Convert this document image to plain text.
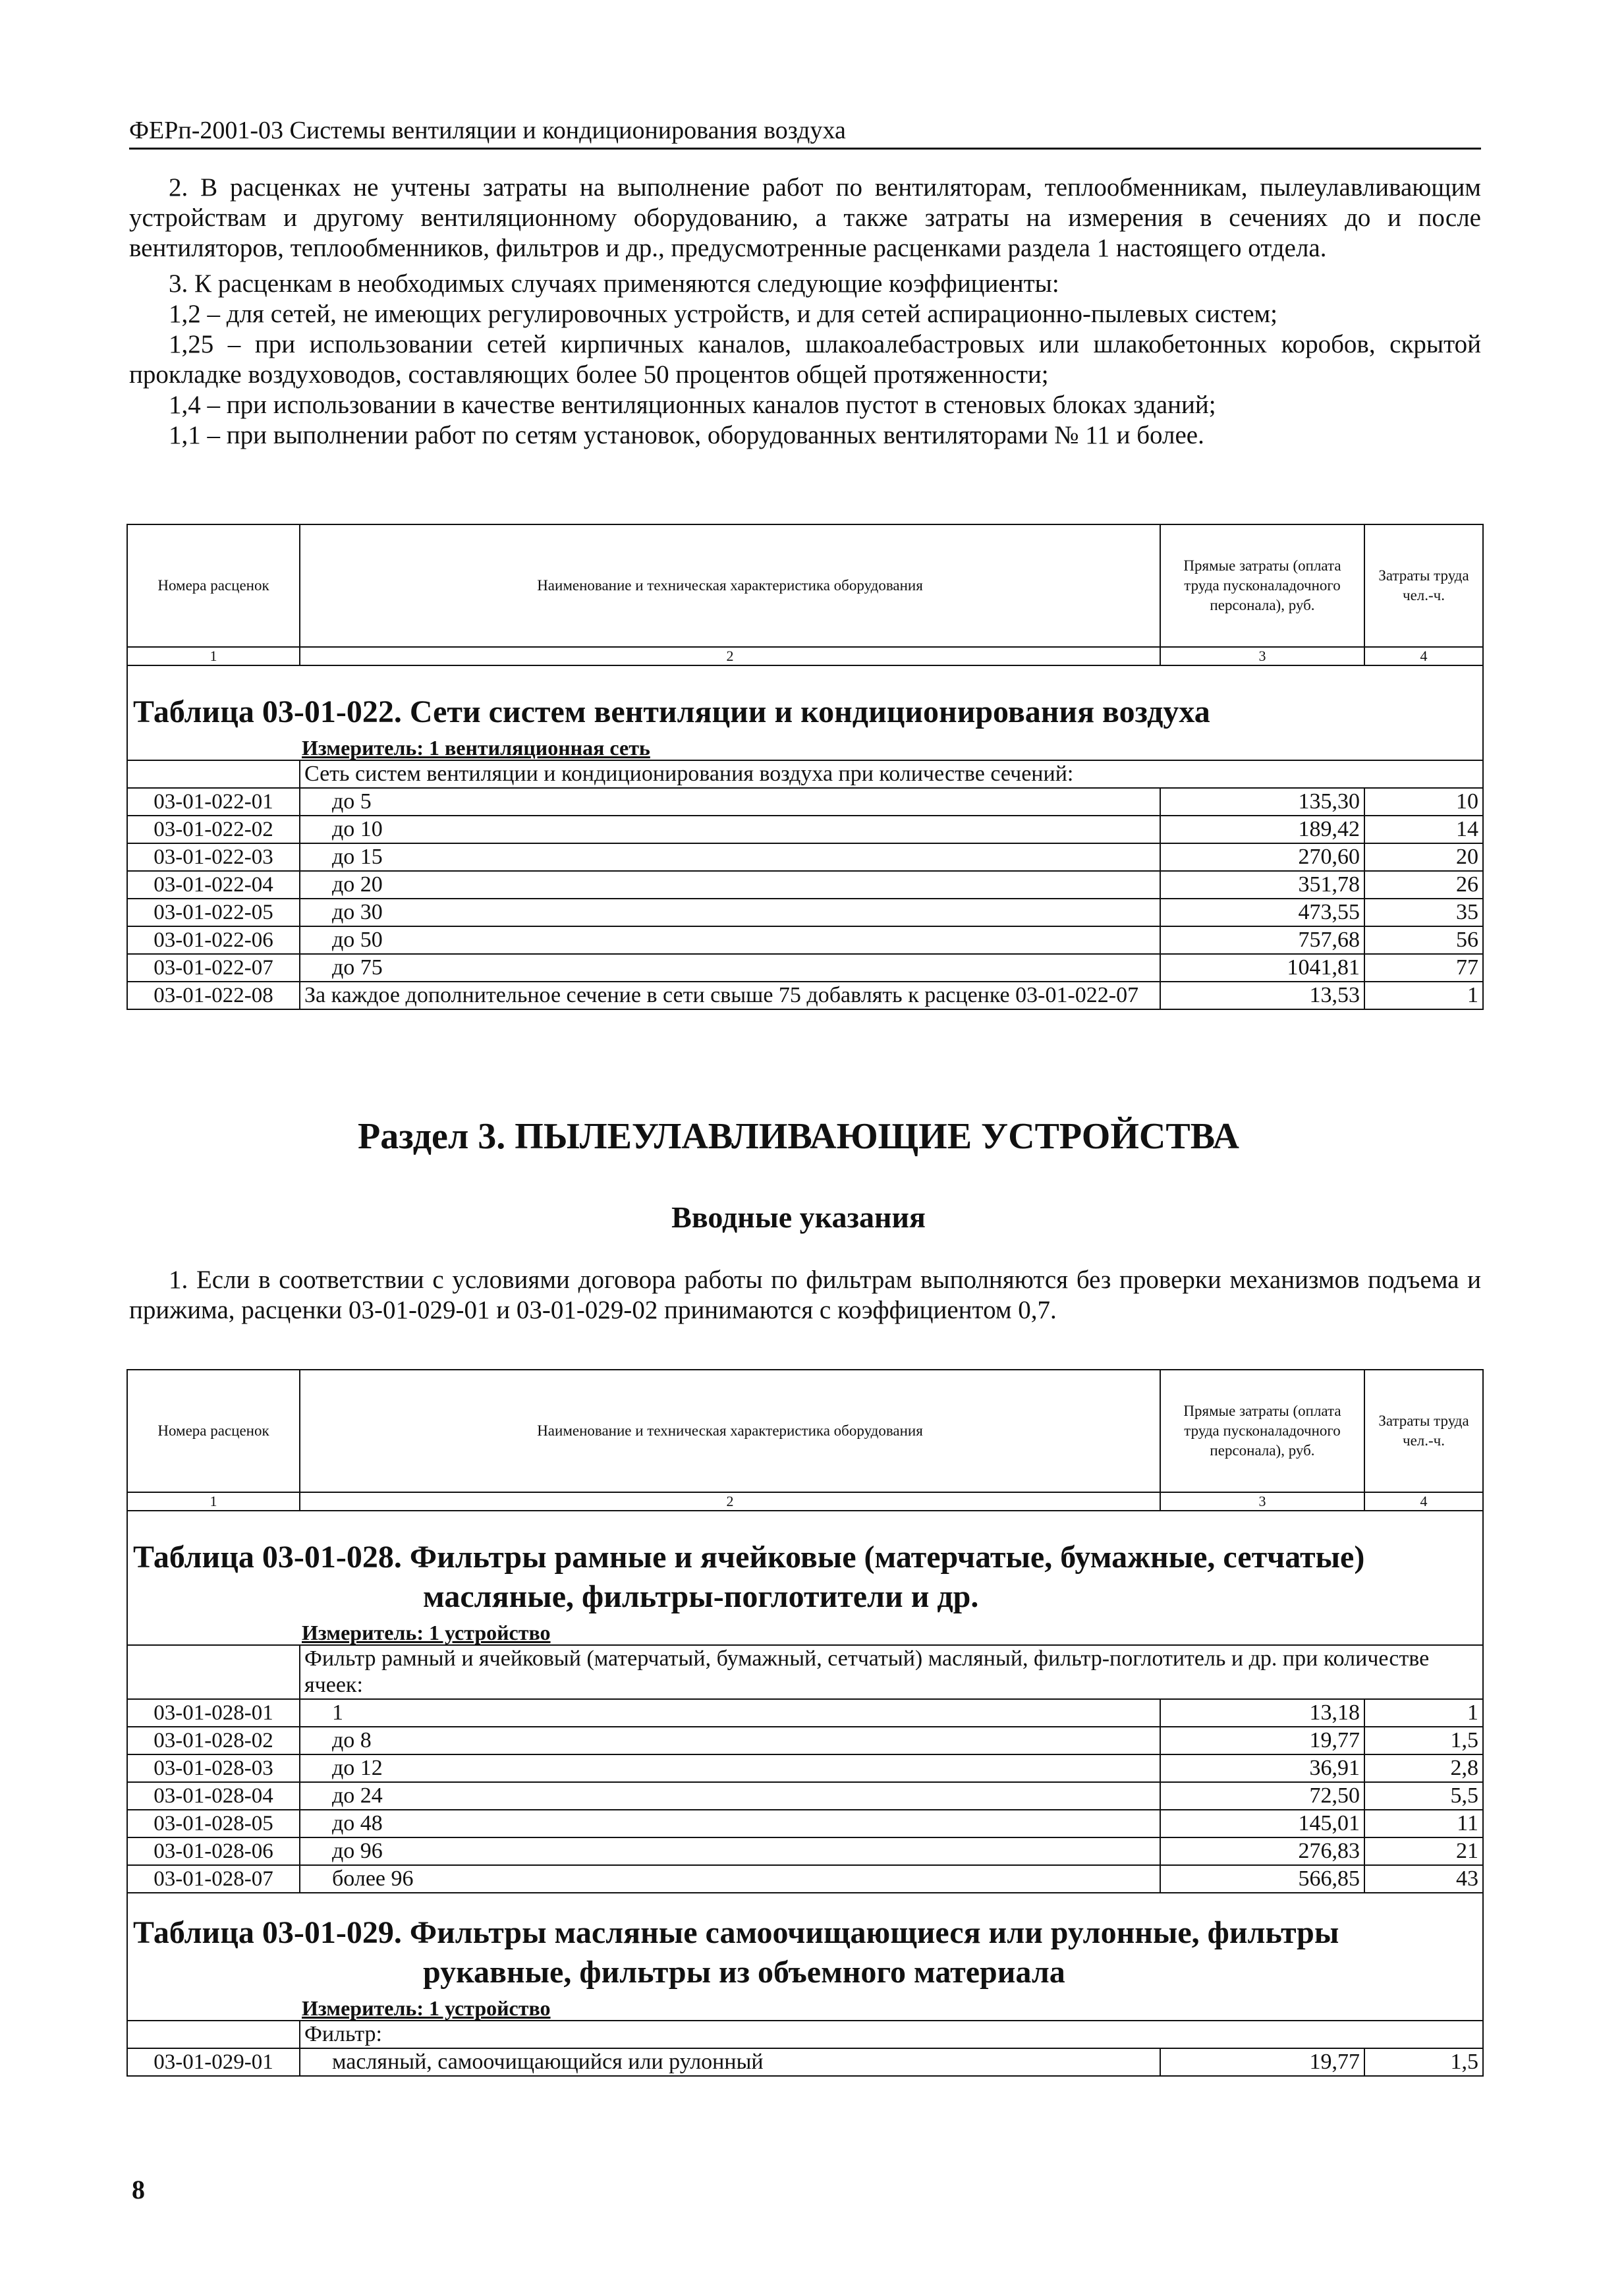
ФЕРп-2001-03 Системы вентиляции и кондиционирования воздуха

2. В расценках не учтены затраты на выполнение работ по вентиляторам, теплообменникам, пылеулавливающим устройствам и другому вентиляционному оборудованию, а также затраты на измерения в сечениях до и после вентиляторов, теплообменников, фильтров и др., предусмотренные расценками раздела 1 настоящего отдела.

3. К расценкам в необходимых случаях применяются следующие коэффициенты:

1,2 – для сетей, не имеющих регулировочных устройств, и для сетей аспирационно-пылевых систем;

1,25 – при использовании сетей кирпичных каналов, шлакоалебастровых или шлакобетонных коробов, скрытой прокладке воздуховодов, составляющих более 50 процентов общей протяженности;

1,4 – при использовании в качестве вентиляционных каналов пустот в стеновых блоках зданий;

1,1 – при выполнении работ по сетям установок, оборудованных вентиляторами № 11 и более.

Номера расценок	Наименование и техническая характеристика оборудования	Прямые затраты (оплата труда пусконаладочного персонала), руб.	Затраты труда чел.-ч.
1	2	3	4
Таблица 03-01-022. Сети систем вентиляции и кондиционирования воздуха			
Измеритель: 1 вентиляционная сеть			
	Сеть систем вентиляции и кондиционирования воздуха при количестве сечений:		
03-01-022-01	до 5	135,30	10
03-01-022-02	до 10	189,42	14
03-01-022-03	до 15	270,60	20
03-01-022-04	до 20	351,78	26
03-01-022-05	до 30	473,55	35
03-01-022-06	до 50	757,68	56
03-01-022-07	до 75	1041,81	77
03-01-022-08	За каждое дополнительное сечение в сети свыше 75 добавлять к расценке 03-01-022-07	13,53	1
Раздел 3. ПЫЛЕУЛАВЛИВАЮЩИЕ УСТРОЙСТВА
Вводные указания

1. Если в соответствии с условиями договора работы по фильтрам выполняются без проверки механизмов подъема и прижима, расценки 03-01-029-01 и 03-01-029-02 принимаются с коэффициентом 0,7.

Номера расценок	Наименование и техническая характеристика оборудования	Прямые затраты (оплата труда пусконаладочного персонала), руб.	Затраты труда чел.-ч.
1	2	3	4
Таблица 03-01-028. Фильтры рамные и ячейковые (матерчатые, бумажные, сетчатые)
масляные, фильтры-поглотители и др.			

Измеритель: 1 устройство			
	Фильтр рамный и ячейковый (матерчатый, бумажный, сетчатый) масляный, фильтр-поглотитель и др. при количестве ячеек:		
03-01-028-01	1	13,18	1
03-01-028-02	до 8	19,77	1,5
03-01-028-03	до 12	36,91	2,8
03-01-028-04	до 24	72,50	5,5
03-01-028-05	до 48	145,01	11
03-01-028-06	до 96	276,83	21
03-01-028-07	более 96	566,85	43
Таблица 03-01-029. Фильтры масляные самоочищающиеся или рулонные, фильтры
рукавные, фильтры из объемного материала			

Измеритель: 1 устройство			
	Фильтр:		
03-01-029-01	масляный, самоочищающийся или рулонный	19,77	1,5
8
